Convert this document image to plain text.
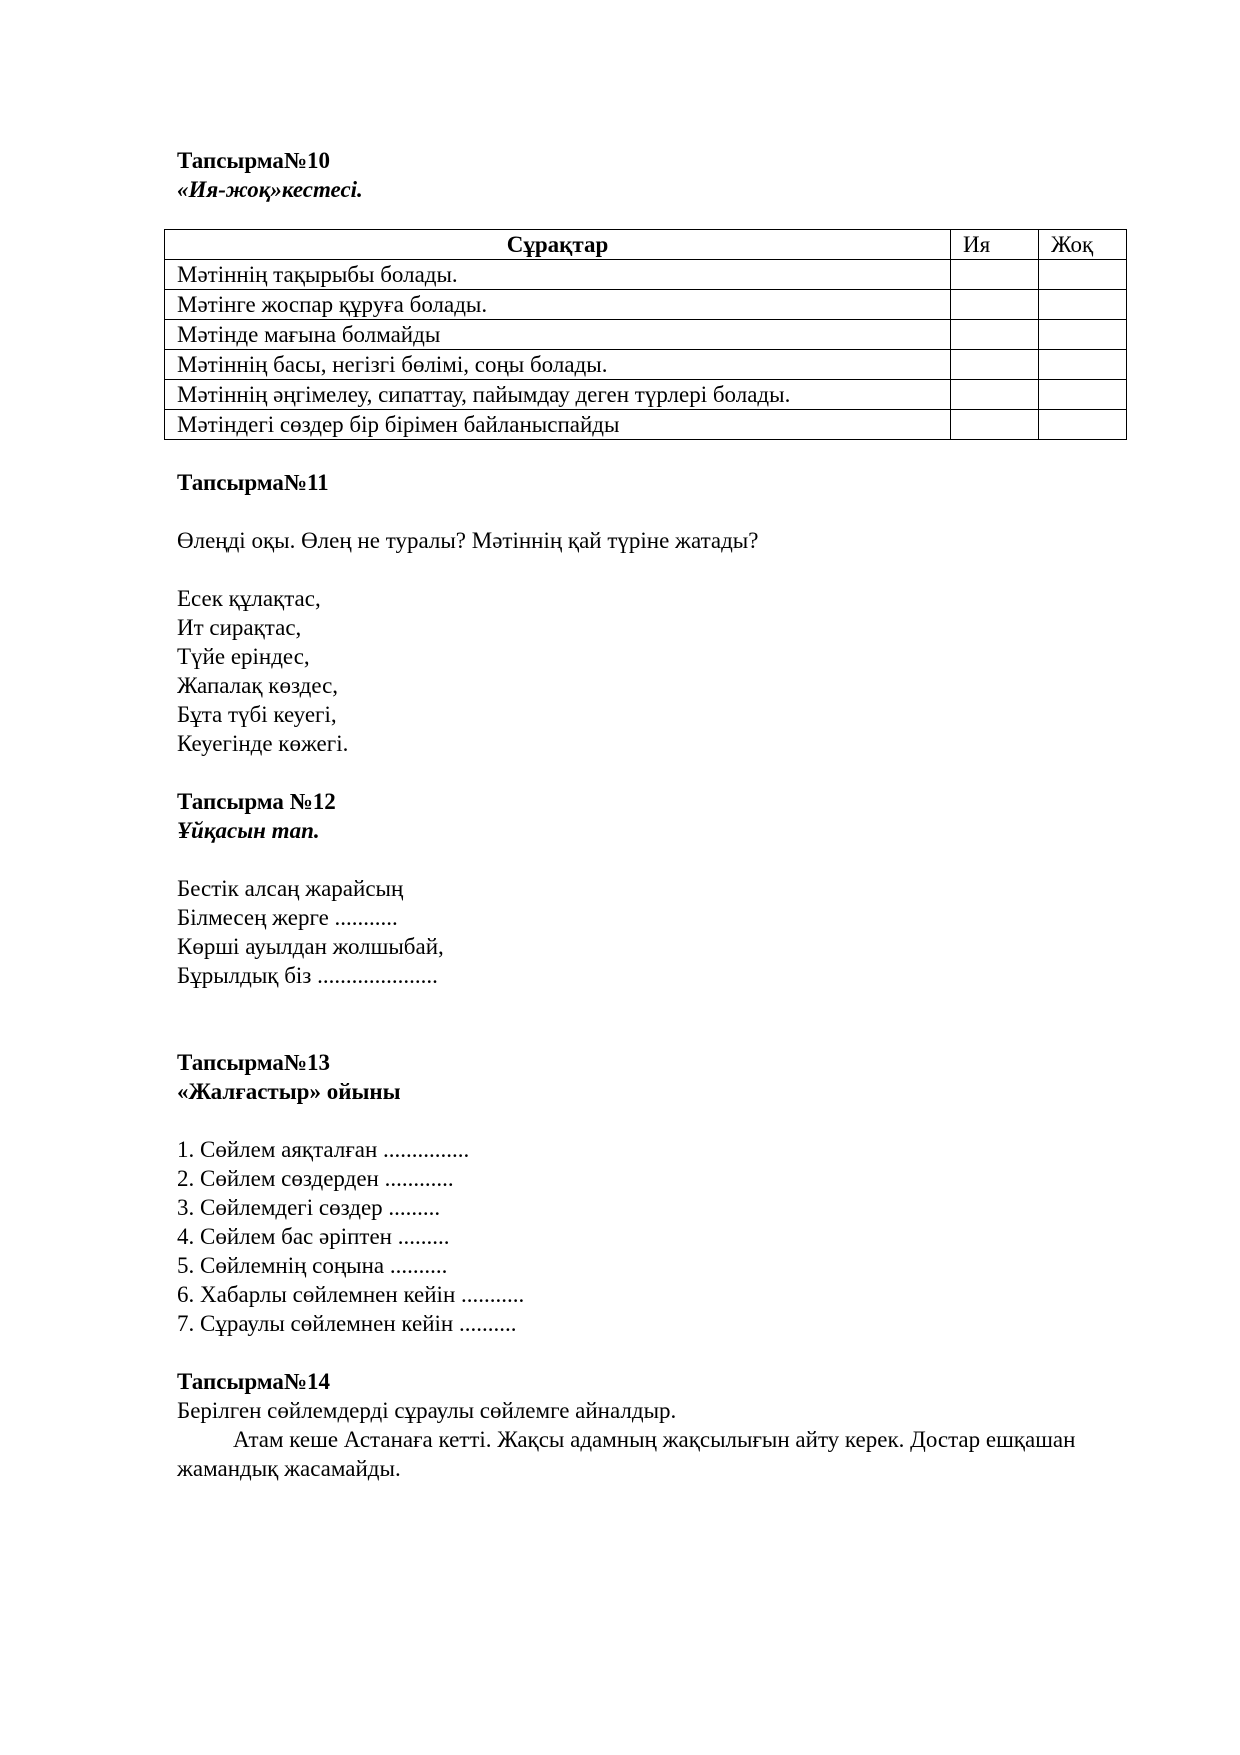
Тапсырма№10
«Ия-жоқ»кестесі.
Сұрақтар	Ия	Жоқ
Мәтіннің тақырыбы болады.		
Мәтінге жоспар құруға болады.		
Мәтінде мағына болмайды		
Мәтіннің басы, негізгі бөлімі, соңы болады.		
Мәтіннің әңгімелеу, сипаттау, пайымдау деген түрлері болады.		
Мәтіндегі сөздер бір бірімен байланыспайды		
Тапсырма№11
Өлеңді оқы. Өлең не туралы? Мәтіннің қай түріне жатады?
Есек құлақтас,
Ит сирақтас,
Түйе еріндес,
Жапалақ көздес,
Бұта түбі кеуегі,
Кеуегінде көжегі.
Тапсырма №12
Ұйқасын тап.
Бестік алсаң жарайсың
Білмесең жерге ...........
Көрші ауылдан жолшыбай,
Бұрылдық біз .....................
Тапсырма№13
«Жалғастыр» ойыны
1. Сөйлем аяқталған ...............
2. Сөйлем сөздерден ............
3. Сөйлемдегі сөздер .........
4. Сөйлем бас әріптен .........
5. Сөйлемнің соңына ..........
6. Хабарлы сөйлемнен кейін ...........
7. Сұраулы сөйлемнен кейін ..........
Тапсырма№14
Берілген сөйлемдерді сұраулы сөйлемге айналдыр.
Атам кеше Астанаға кетті. Жақсы адамның жақсылығын айту керек. Достар ешқашан жамандық жасамайды.
